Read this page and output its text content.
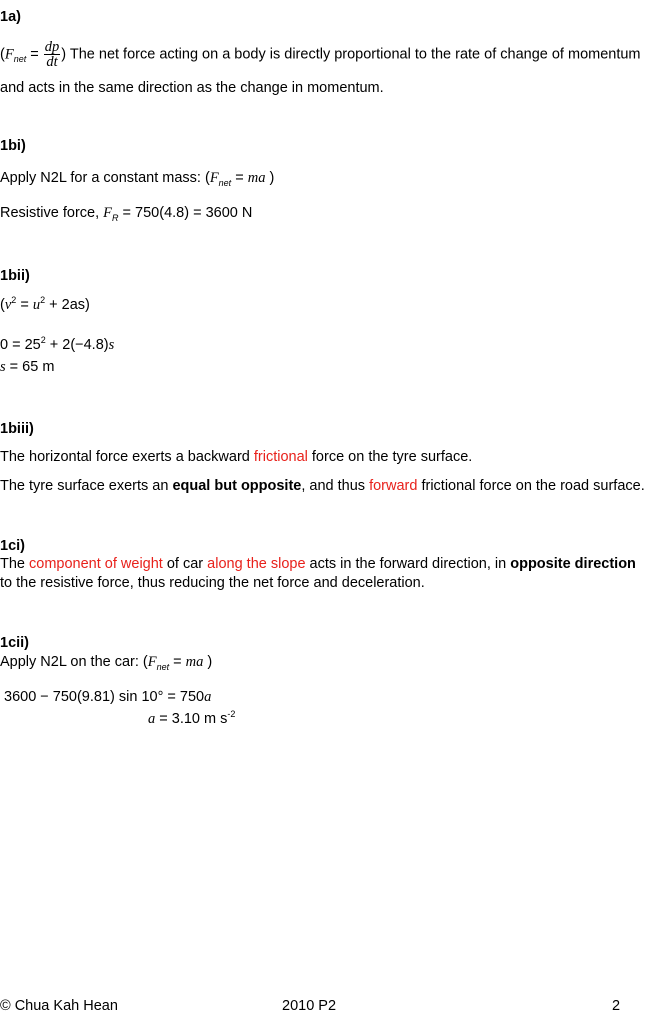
1a)
($F_{net} = \frac{dp}{dt}$ ) The net force acting on a body is directly proportional to the rate of change of momentum
and acts in the same direction as the change in momentum.
1bi)
Apply N2L for a constant mass: ($F_{net}$ = ma )
Resistive force, $F_R = 750(4.8) = 3600$ N
1bii)
$(v^2 = u^2 + 2as)$
$0 = 25^2 + 2(-4.8)s$
s = 65 m
1biii)
The horizontal force exerts a backward frictional force on the tyre surface.
The tyre surface exerts an equal but opposite, and thus forward frictional force on the road surface.
1ci)
The component of weight of car along the slope acts in the forward direction, in opposite direction
to the resistive force, thus reducing the net force and deceleration.
1cii)
Apply N2L on the car: ($F_{net}$ = ma )
3600 − 750(9.81) sin 10° = 750a
a = 3.10 m $s^{-2}$
© Chua Kah Hean	2010 P2	2
